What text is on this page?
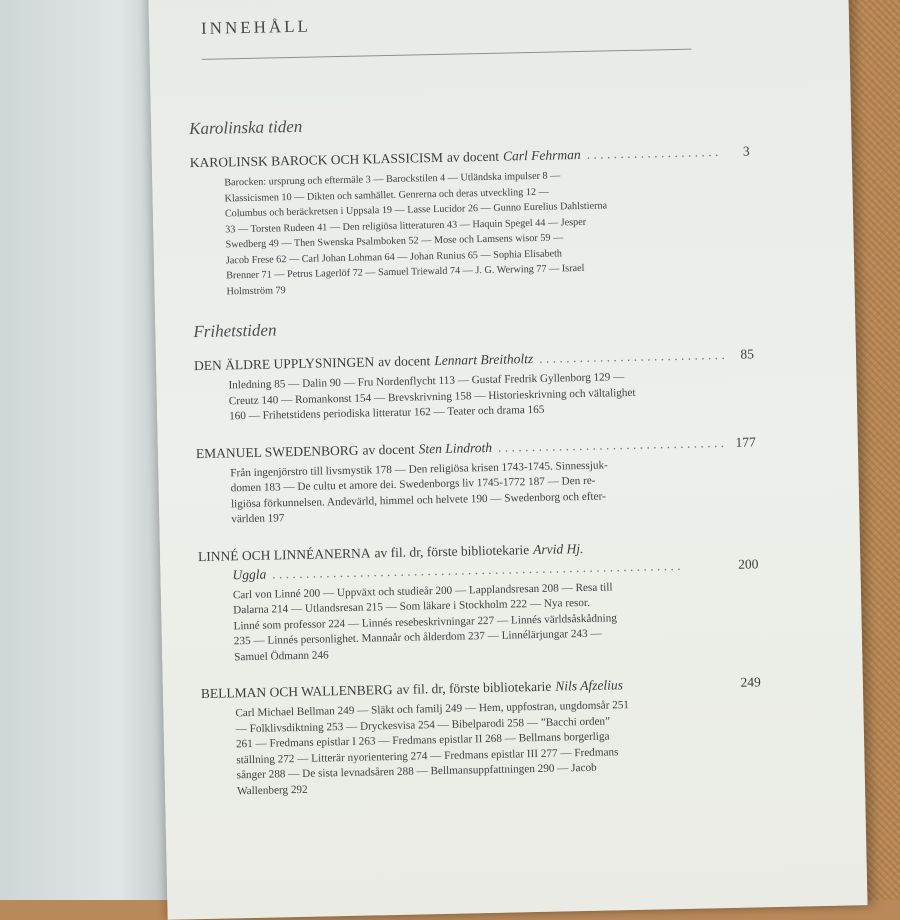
INNEHÅLL
Karolinska tiden
KAROLINSK BAROCK OCH KLASSICISM av docent Carl Fehrman . . .	3
Barocken: ursprung och eftermäle 3 — Barockstilen 4 — Utländska impulser 8 —
Klassicismen 10 — Dikten och samhället. Genrerna och deras utveckling 12 —
Columbus och beräckretsen i Uppsala 19 — Lasse Lucidor 26 — Gunno Eurelius Dahlstierna
33 — Torsten Rudeen 41 — Den religiösa litteraturen 43 — Haquin Spegel 44 — Jesper
Swedberg 49 — Then Swenska Psalmboken 52 — Mose och Lamsens wisor 59 —
Jacob Frese 62 — Carl Johan Lohman 64 — Johan Runius 65 — Sophia Elisabeth
Brenner 71 — Petrus Lagerlöf 72 — Samuel Triewald 74 — J. G. Werwing 77 — Israel
Holmström 79
Frihetstiden
DEN ÄLDRE UPPLYSNINGEN av docent Lennart Breitholtz . . .	85
Inledning 85 — Dalin 90 — Fru Nordenflycht 113 — Gustaf Fredrik Gyllenborg 129 —
Creutz 140 — Romankonst 154 — Brevskrivning 158 — Historieskrivning och vältalighet
160 — Frihetstidens periodiska litteratur 162 — Teater och drama 165
EMANUEL SWEDENBORG av docent Sten Lindroth . . .	177
Från ingenjörstro till livsmystik 178 — Den religiösa krisen 1743-1745. Sinnessjuk-
domen 183 — De cultu et amore dei. Swedenborgs liv 1745-1772 187 — Den re-
ligiösa förkunnelsen. Andevärld, himmel och helvete 190 — Swedenborg och efter-
världen 197
LINNÉ OCH LINNÉANERNA av fil. dr, förste bibliotekarie Arvid Hj.
Uggla . . . . . . . . . . . . . . . . . . . . . . . . . . . . . . . . . . . . . . . . . . . . . . . . . . . . . . . . . . . . .	200
Carl von Linné 200 — Uppväxt och studieår 200 — Lapplandsresan 208 — Resa till
Dalarna 214 — Utlandsresan 215 — Som läkare i Stockholm 222 — Nya resor.
Linné som professor 224 — Linnés resebeskrivningar 227 — Linnés världsåskådning
235 — Linnés personlighet. Mannaår och ålderdom 237 — Linnélärjungar 243 —
Samuel Ödmann 246
BELLMAN OCH WALLENBERG av fil. dr, förste bibliotekarie Nils Afzelius	249
Carl Michael Bellman 249 — Släkt och familj 249 — Hem, uppfostran, ungdomsår 251
— Folklivsdiktning 253 — Dryckesvisa 254 — Bibelparodi 258 — ”Bacchi orden”
261 — Fredmans epistlar I 263 — Fredmans epistlar II 268 — Bellmans borgerliga
ställning 272 — Litterär nyorientering 274 — Fredmans epistlar III 277 — Fredmans
sånger 288 — De sista levnadsåren 288 — Bellmansuppfattningen 290 — Jacob
Wallenberg 292
